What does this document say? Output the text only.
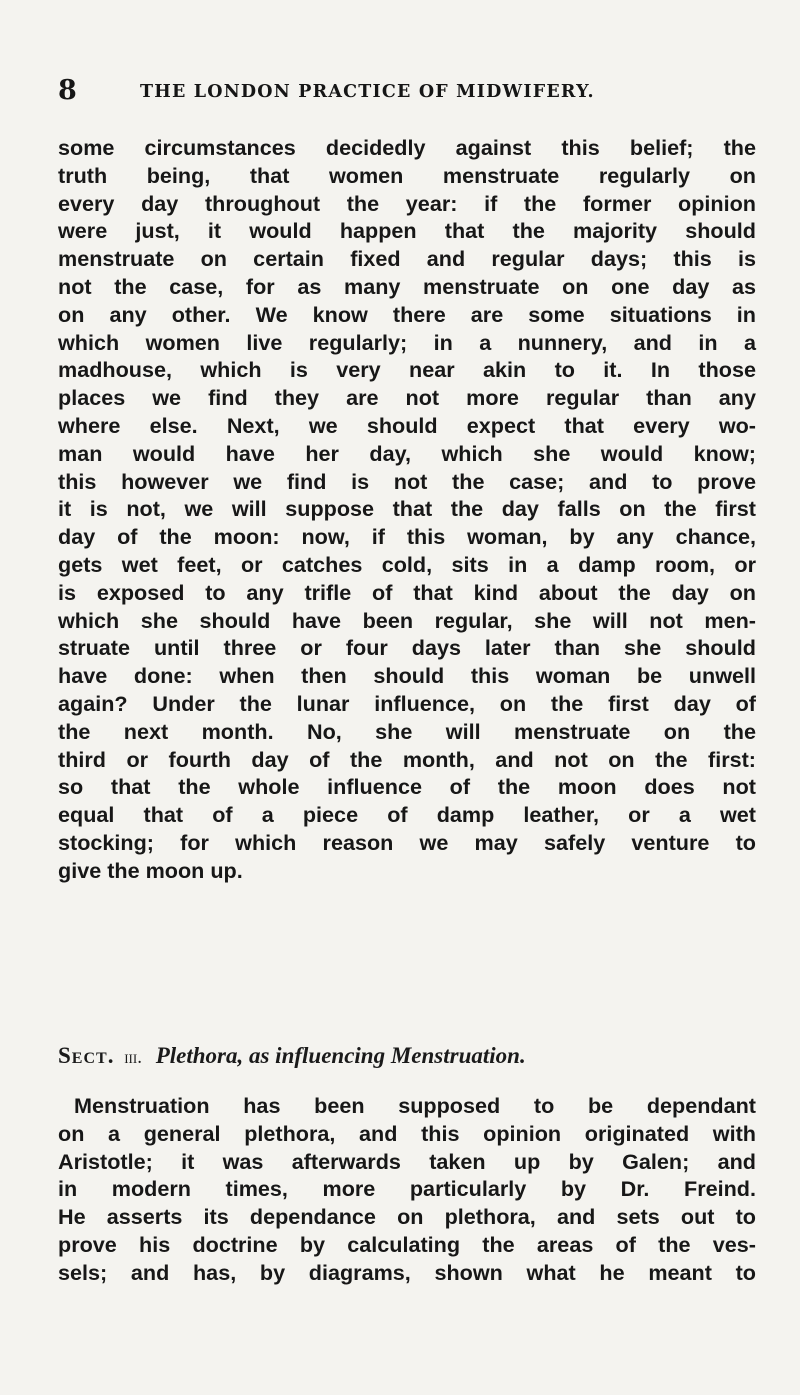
8	THE LONDON PRACTICE OF MIDWIFERY.
some circumstances decidedly against this belief; the
truth being, that women menstruate regularly on
every day throughout the year: if the former opinion
were just, it would happen that the majority should
menstruate on certain fixed and regular days; this is
not the case, for as many menstruate on one day as
on any other. We know there are some situations in
which women live regularly; in a nunnery, and in a
madhouse, which is very near akin to it. In those
places we find they are not more regular than any
where else. Next, we should expect that every wo-
man would have her day, which she would know;
this however we find is not the case; and to prove
it is not, we will suppose that the day falls on the first
day of the moon: now, if this woman, by any chance,
gets wet feet, or catches cold, sits in a damp room, or
is exposed to any trifle of that kind about the day on
which she should have been regular, she will not men-
struate until three or four days later than she should
have done: when then should this woman be unwell
again? Under the lunar influence, on the first day of
the next month. No, she will menstruate on the
third or fourth day of the month, and not on the first:
so that the whole influence of the moon does not
equal that of a piece of damp leather, or a wet
stocking; for which reason we may safely venture to
give the moon up.
Sect. iii. Plethora, as influencing Menstruation.
Menstruation has been supposed to be dependant
on a general plethora, and this opinion originated with
Aristotle; it was afterwards taken up by Galen; and
in modern times, more particularly by Dr. Freind.
He asserts its dependance on plethora, and sets out to
prove his doctrine by calculating the areas of the ves-
sels; and has, by diagrams, shown what he meant to
